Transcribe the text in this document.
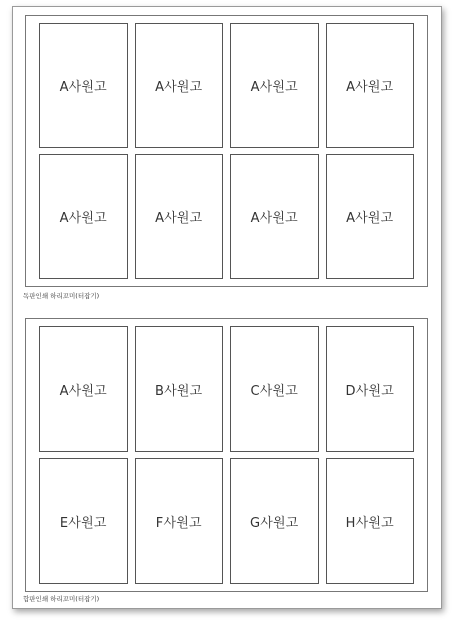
A사원고	A사원고	A사원고	A사원고
A사원고	A사원고	A사원고	A사원고
독판인쇄 하리꼬미(터잡기)
A사원고	B사원고	C사원고	D사원고
E사원고	F사원고	G사원고	H사원고
합판인쇄 하리꼬미(터잡기)
